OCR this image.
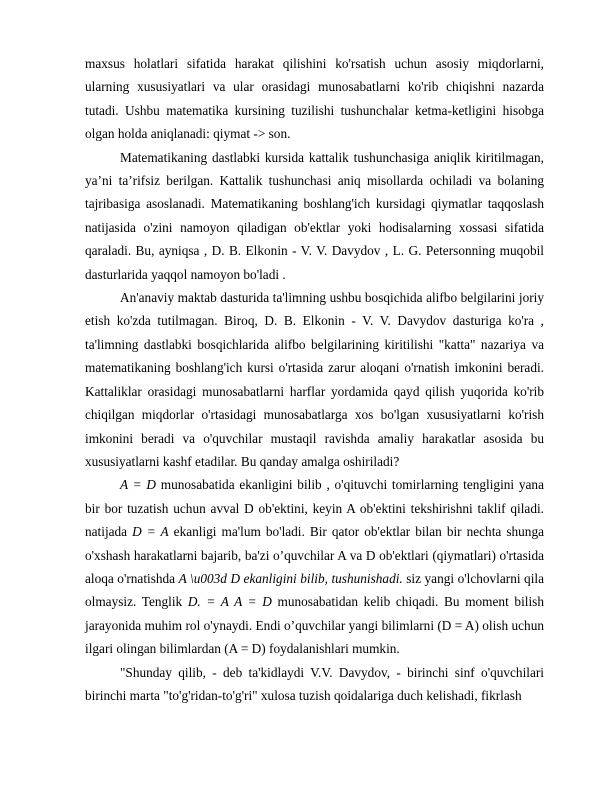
maxsus holatlari sifatida harakat qilishini ko'rsatish uchun asosiy miqdorlarni, ularning xususiyatlari va ular orasidagi munosabatlarni ko'rib chiqishni nazarda tutadi. Ushbu matematika kursining tuzilishi tushunchalar ketma-ketligini hisobga olgan holda aniqlanadi: qiymat -> son.

Matematikaning dastlabki kursida kattalik tushunchasiga aniqlik kiritilmagan, ya’ni ta’rifsiz berilgan. Kattalik tushunchasi aniq misollarda ochiladi va bolaning tajribasiga asoslanadi. Matematikaning boshlang'ich kursidagi qiymatlar taqqoslash natijasida o'zini namoyon qiladigan ob'ektlar yoki hodisalarning xossasi sifatida qaraladi. Bu, ayniqsa , D. B. Elkonin - V. V. Davydov , L. G. Petersonning muqobil dasturlarida yaqqol namoyon bo'ladi .

An'anaviy maktab dasturida ta'limning ushbu bosqichida alifbo belgilarini joriy etish ko'zda tutilmagan. Biroq, D. B. Elkonin - V. V. Davydov dasturiga ko'ra , ta'limning dastlabki bosqichlarida alifbo belgilarining kiritilishi "katta" nazariya va matematikaning boshlang'ich kursi o'rtasida zarur aloqani o'rnatish imkonini beradi. Kattaliklar orasidagi munosabatlarni harflar yordamida qayd qilish yuqorida ko'rib chiqilgan miqdorlar o'rtasidagi munosabatlarga xos bo'lgan xususiyatlarni ko'rish imkonini beradi va o'quvchilar mustaqil ravishda amaliy harakatlar asosida bu xususiyatlarni kashf etadilar. Bu qanday amalga oshiriladi?

A = D munosabatida ekanligini bilib , o'qituvchi tomirlarning tengligini yana bir bor tuzatish uchun avval D ob'ektini, keyin A ob'ektini tekshirishni taklif qiladi. natijada D = A ekanligi ma'lum bo'ladi. Bir qator ob'ektlar bilan bir nechta shunga o'xshash harakatlarni bajarib, ba'zi o’quvchilar A va D ob'ektlari (qiymatlari) o'rtasida aloqa o'rnatishda A \u003d D ekanligini bilib, tushunishadi. siz yangi o'lchovlarni qila olmaysiz. Tenglik D. = A A = D munosabatidan kelib chiqadi. Bu moment bilish jarayonida muhim rol o'ynaydi. Endi o’quvchilar yangi bilimlarni (D = A) olish uchun ilgari olingan bilimlardan (A = D) foydalanishlari mumkin.

"Shunday qilib, - deb ta'kidlaydi V.V. Davydov, - birinchi sinf o'quvchilari birinchi marta "to'g'ridan-to'g'ri" xulosa tuzish qoidalariga duch kelishadi, fikrlash
